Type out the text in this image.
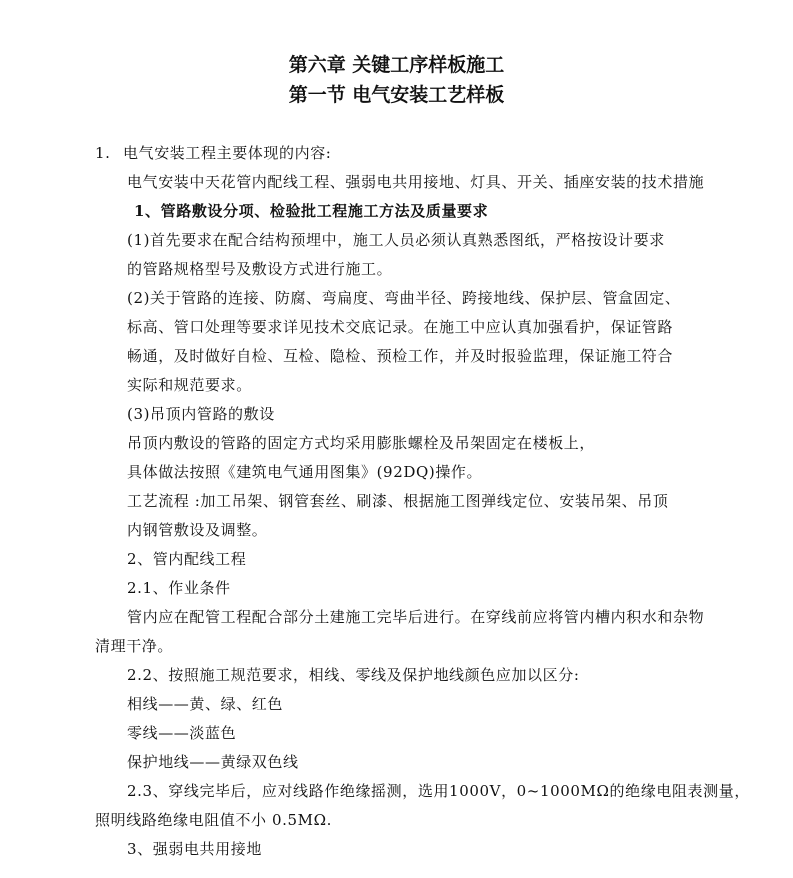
第六章 关键工序样板施工
第一节 电气安装工艺样板
1. 电气安装工程主要体现的内容:
电气安装中天花管内配线工程、强弱电共用接地、灯具、开关、插座安装的技术措施
1、管路敷设分项、检验批工程施工方法及质量要求
(1)首先要求在配合结构预埋中，施工人员必须认真熟悉图纸，严格按设计要求
的管路规格型号及敷设方式进行施工。
(2)关于管路的连接、防腐、弯扁度、弯曲半径、跨接地线、保护层、管盒固定、
标高、管口处理等要求详见技术交底记录。在施工中应认真加强看护，保证管路
畅通，及时做好自检、互检、隐检、预检工作，并及时报验监理，保证施工符合
实际和规范要求。
(3)吊顶内管路的敷设
吊顶内敷设的管路的固定方式均采用膨胀螺栓及吊架固定在楼板上，
具体做法按照《建筑电气通用图集》(92DQ)操作。
工艺流程 :加工吊架、钢管套丝、刷漆、根据施工图弹线定位、安装吊架、吊顶
内钢管敷设及调整。
2、管内配线工程
2.1、作业条件
管内应在配管工程配合部分土建施工完毕后进行。在穿线前应将管内槽内积水和杂物
清理干净。
2.2、按照施工规范要求，相线、零线及保护地线颜色应加以区分:
相线——黄、绿、红色
零线——淡蓝色
保护地线——黄绿双色线
2.3、穿线完毕后，应对线路作绝缘摇测，选用1000V，0~1000MΩ的绝缘电阻表测量，
照明线路绝缘电阻值不小 0.5MΩ.
3、强弱电共用接地
